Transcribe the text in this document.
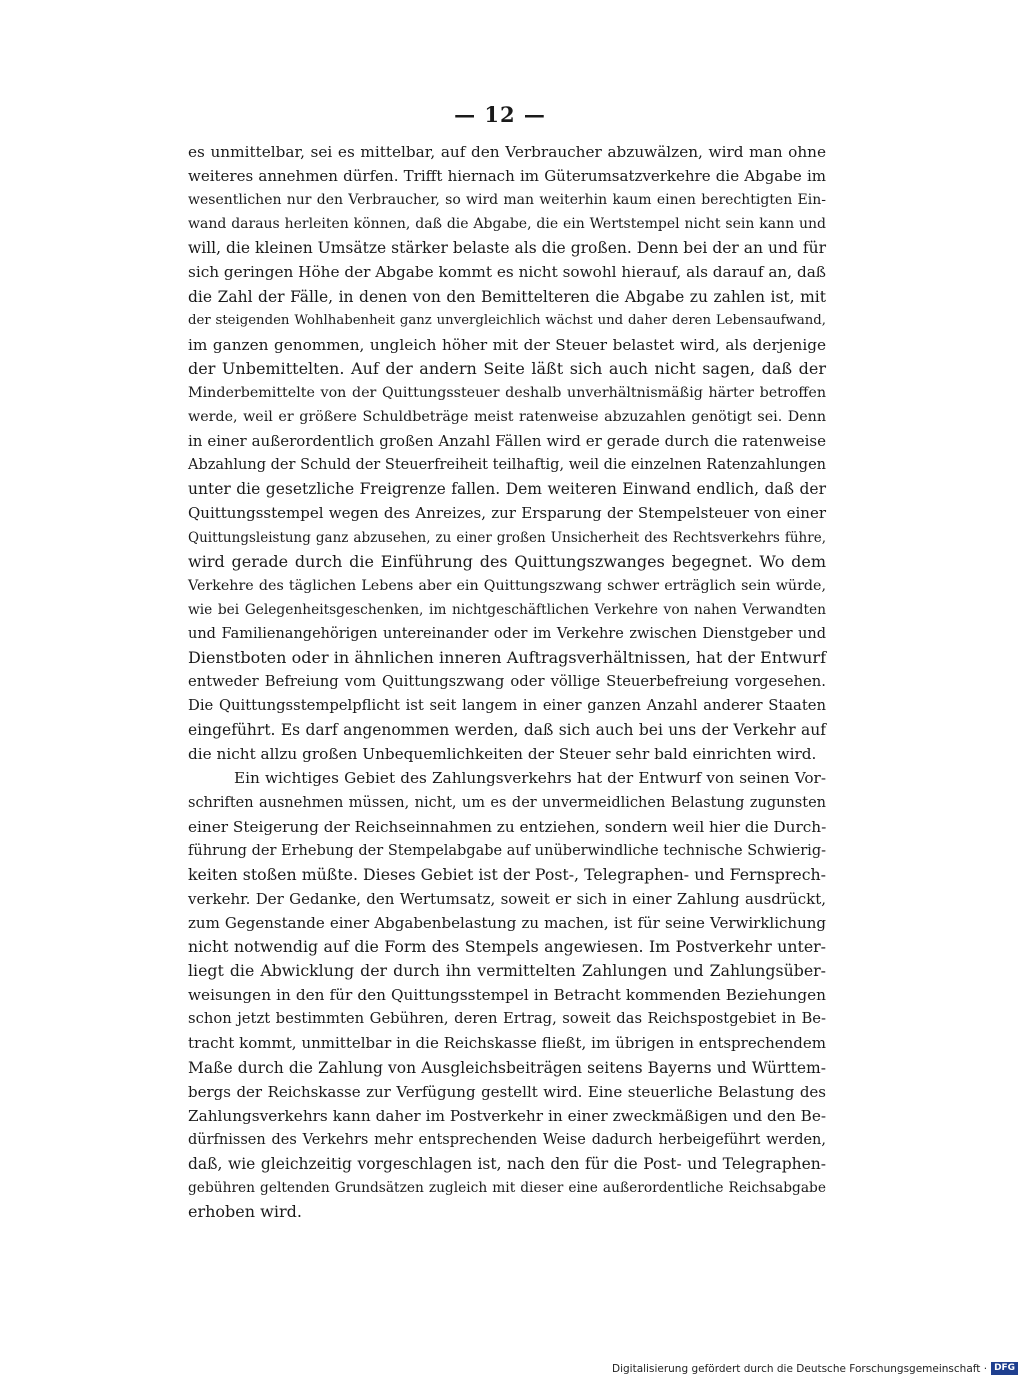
— 12 —
es unmittelbar, sei es mittelbar, auf den Verbraucher abzuwälzen, wird man ohne
weiteres annehmen dürfen. Trifft hiernach im Güterumsatzverkehre die Abgabe im
wesentlichen nur den Verbraucher, so wird man weiterhin kaum einen berechtigten Ein-
wand daraus herleiten können, daß die Abgabe, die ein Wertstempel nicht sein kann und
will, die kleinen Umsätze stärker belaste als die großen. Denn bei der an und für
sich geringen Höhe der Abgabe kommt es nicht sowohl hierauf, als darauf an, daß
die Zahl der Fälle, in denen von den Bemittelteren die Abgabe zu zahlen ist, mit
der steigenden Wohlhabenheit ganz unvergleichlich wächst und daher deren Lebensaufwand,
im ganzen genommen, ungleich höher mit der Steuer belastet wird, als derjenige
der Unbemittelten. Auf der andern Seite läßt sich auch nicht sagen, daß der
Minderbemittelte von der Quittungssteuer deshalb unverhältnismäßig härter betroffen
werde, weil er größere Schuldbeträge meist ratenweise abzuzahlen genötigt sei. Denn
in einer außerordentlich großen Anzahl Fällen wird er gerade durch die ratenweise
Abzahlung der Schuld der Steuerfreiheit teilhaftig, weil die einzelnen Ratenzahlungen
unter die gesetzliche Freigrenze fallen. Dem weiteren Einwand endlich, daß der
Quittungsstempel wegen des Anreizes, zur Ersparung der Stempelsteuer von einer
Quittungsleistung ganz abzusehen, zu einer großen Unsicherheit des Rechtsverkehrs führe,
wird gerade durch die Einführung des Quittungszwanges begegnet. Wo dem
Verkehre des täglichen Lebens aber ein Quittungszwang schwer erträglich sein würde,
wie bei Gelegenheitsgeschenken, im nichtgeschäftlichen Verkehre von nahen Verwandten
und Familienangehörigen untereinander oder im Verkehre zwischen Dienstgeber und
Dienstboten oder in ähnlichen inneren Auftragsverhältnissen, hat der Entwurf
entweder Befreiung vom Quittungszwang oder völlige Steuerbefreiung vorgesehen.
Die Quittungsstempelpflicht ist seit langem in einer ganzen Anzahl anderer Staaten
eingeführt. Es darf angenommen werden, daß sich auch bei uns der Verkehr auf
die nicht allzu großen Unbequemlichkeiten der Steuer sehr bald einrichten wird.
Ein wichtiges Gebiet des Zahlungsverkehrs hat der Entwurf von seinen Vor-
schriften ausnehmen müssen, nicht, um es der unvermeidlichen Belastung zugunsten
einer Steigerung der Reichseinnahmen zu entziehen, sondern weil hier die Durch-
führung der Erhebung der Stempelabgabe auf unüberwindliche technische Schwierig-
keiten stoßen müßte. Dieses Gebiet ist der Post-, Telegraphen- und Fernsprech-
verkehr. Der Gedanke, den Wertumsatz, soweit er sich in einer Zahlung ausdrückt,
zum Gegenstande einer Abgabenbelastung zu machen, ist für seine Verwirklichung
nicht notwendig auf die Form des Stempels angewiesen. Im Postverkehr unter-
liegt die Abwicklung der durch ihn vermittelten Zahlungen und Zahlungsüber-
weisungen in den für den Quittungsstempel in Betracht kommenden Beziehungen
schon jetzt bestimmten Gebühren, deren Ertrag, soweit das Reichspostgebiet in Be-
tracht kommt, unmittelbar in die Reichskasse fließt, im übrigen in entsprechendem
Maße durch die Zahlung von Ausgleichsbeiträgen seitens Bayerns und Württem-
bergs der Reichskasse zur Verfügung gestellt wird. Eine steuerliche Belastung des
Zahlungsverkehrs kann daher im Postverkehr in einer zweckmäßigen und den Be-
dürfnissen des Verkehrs mehr entsprechenden Weise dadurch herbeigeführt werden,
daß, wie gleichzeitig vorgeschlagen ist, nach den für die Post- und Telegraphen-
gebühren geltenden Grundsätzen zugleich mit dieser eine außerordentliche Reichsabgabe
erhoben wird.
Digitalisierung gefördert durch die Deutsche Forschungsgemeinschaft · DFG
